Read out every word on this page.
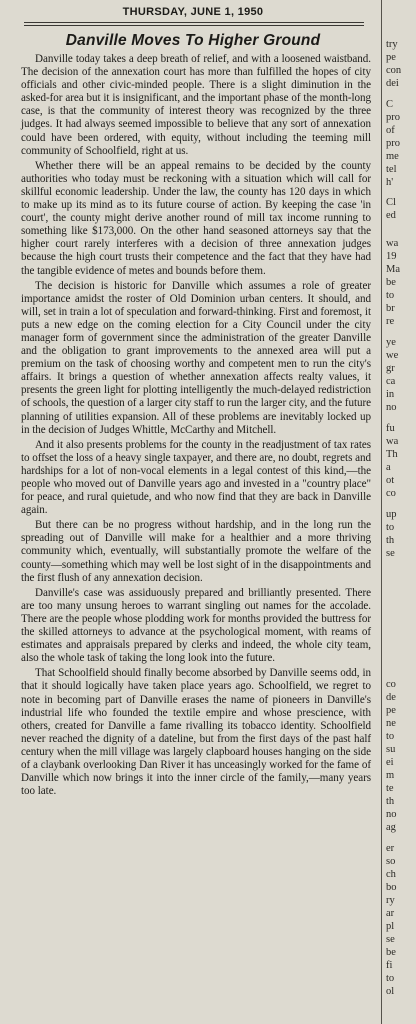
THURSDAY, JUNE 1, 1950
Danville Moves To Higher Ground

Danville today takes a deep breath of relief, and with a loosened waistband. The decision of the annexation court has more than fulfilled the hopes of city officials and other civic-minded people. There is a slight diminution in the asked-for area but it is insignificant, and the important phase of the month-long case, is that the community of interest theory was recognized by the three judges. It had always seemed impossible to believe that any sort of annexation could have been ordered, with equity, without including the teeming mill community of Schoolfield, right at us.

Whether there will be an appeal remains to be decided by the county authorities who today must be reckoning with a situation which will call for skillful economic leadership. Under the law, the county has 120 days in which to make up its mind as to its future course of action. By keeping the case 'in court', the county might derive another round of mill tax income running to something like $173,000. On the other hand seasoned attorneys say that the higher court rarely interferes with a decision of three annexation judges because the high court trusts their competence and the fact that they have had the tangible evidence of metes and bounds before them.

The decision is historic for Danville which assumes a role of greater importance amidst the roster of Old Dominion urban centers. It should, and will, set in train a lot of speculation and forward-thinking. First and foremost, it puts a new edge on the coming election for a City Council under the city manager form of government since the administration of the greater Danville and the obligation to grant improvements to the annexed area will put a premium on the task of choosing worthy and competent men to run the city's affairs. It brings a question of whether annexation affects realty values, it presents the green light for plotting intelligently the much-delayed redistriction of schools, the question of a larger city staff to run the larger city, and the future planning of utilities expansion. All of these problems are inevitably locked up in the decision of Judges Whittle, McCarthy and Mitchell.

And it also presents problems for the county in the readjustment of tax rates to offset the loss of a heavy single taxpayer, and there are, no doubt, regrets and hardships for a lot of non-vocal elements in a legal contest of this kind,—the people who moved out of Danville years ago and invested in a "country place" for peace, and rural quietude, and who now find that they are back in Danville again.

But there can be no progress without hardship, and in the long run the spreading out of Danville will make for a healthier and a more thriving community which, eventually, will substantially promote the welfare of the county—something which may well be lost sight of in the disappointments and the first flush of any annexation decision.

Danville's case was assiduously prepared and brilliantly presented. There are too many unsung heroes to warrant singling out names for the accolade. There are the people whose plodding work for months provided the buttress for the skilled attorneys to advance at the psychological moment, with reams of estimates and appraisals prepared by clerks and indeed, the whole city team, also the whole task of taking the long look into the future.

That Schoolfield should finally become absorbed by Danville seems odd, in that it should logically have taken place years ago. Schoolfield, we regret to note in becoming part of Danville erases the name of pioneers in Danville's industrial life who founded the textile empire and whose prescience, with others, created for Danville a fame rivalling its tobacco identity. Schoolfield never reached the dignity of a dateline, but from the first days of the past half century when the mill village was largely clapboard houses hanging on the side of a claybank overlooking Dan River it has unceasingly worked for the fame of Danville which now brings it into the inner circle of the family,—many years too late.

try
pe
con
dei
C
pro
of
pro
me
tel
h'
Cl
ed
wa
19
Ma
be
to
br
re
ye
we
gr
ca
in
no
fu
wa
Th
a
ot
co
up
to
th
se
co
de
pe
ne
to
su
ei
m
te
th
no
ag
er
so
ch
bo
ry
ar
pl
se
be
fi
to
ol
